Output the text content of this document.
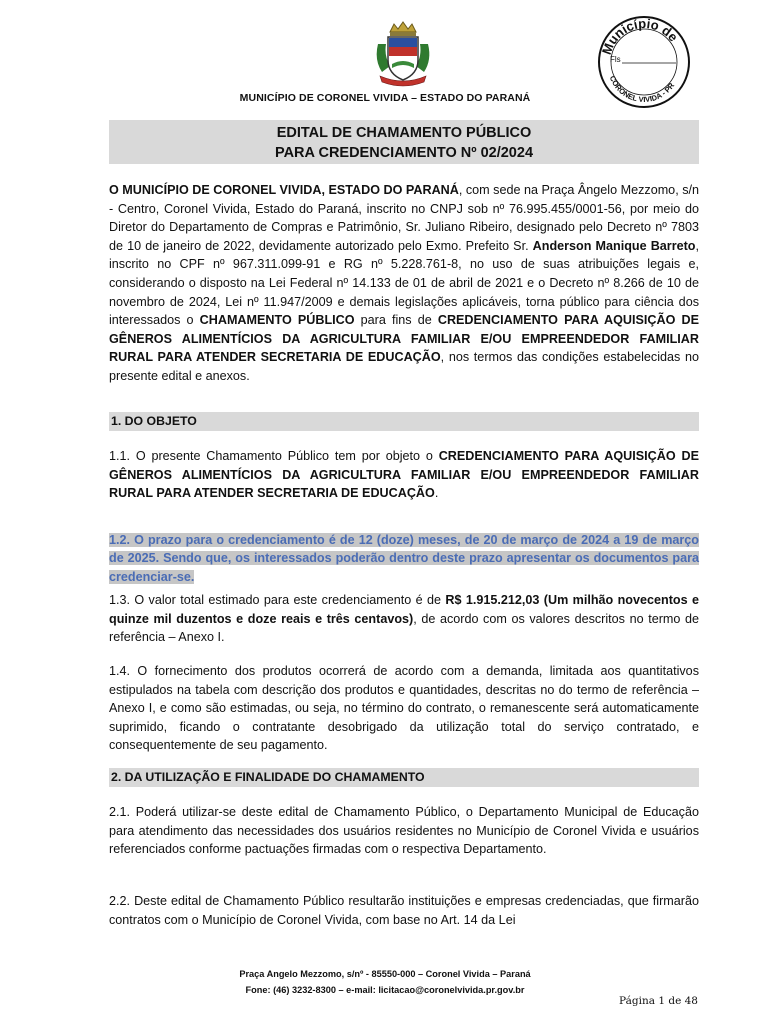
Município de
Fls
CORONEL VIVIDA - PR
MUNICÍPIO DE CORONEL VIVIDA – ESTADO DO PARANÁ
EDITAL DE CHAMAMENTO PÚBLICO
PARA CREDENCIAMENTO Nº 02/2024

O MUNICÍPIO DE CORONEL VIVIDA, ESTADO DO PARANÁ, com sede na Praça Ângelo Mezzomo, s/n - Centro, Coronel Vivida, Estado do Paraná, inscrito no CNPJ sob nº 76.995.455/0001-56, por meio do Diretor do Departamento de Compras e Patrimônio, Sr. Juliano Ribeiro, designado pelo Decreto nº 7803 de 10 de janeiro de 2022, devidamente autorizado pelo Exmo. Prefeito Sr. Anderson Manique Barreto, inscrito no CPF nº 967.311.099-91 e RG nº 5.228.761-8, no uso de suas atribuições legais e, considerando o disposto na Lei Federal nº 14.133 de 01 de abril de 2021 e o Decreto nº 8.266 de 10 de novembro de 2024, Lei nº 11.947/2009 e demais legislações aplicáveis, torna público para ciência dos interessados o CHAMAMENTO PÚBLICO para fins de CREDENCIAMENTO PARA AQUISIÇÃO DE GÊNEROS ALIMENTÍCIOS DA AGRICULTURA FAMILIAR E/OU EMPREENDEDOR FAMILIAR RURAL PARA ATENDER SECRETARIA DE EDUCAÇÃO, nos termos das condições estabelecidas no presente edital e anexos.

1. DO OBJETO

1.1. O presente Chamamento Público tem por objeto o CREDENCIAMENTO PARA AQUISIÇÃO DE GÊNEROS ALIMENTÍCIOS DA AGRICULTURA FAMILIAR E/OU EMPREENDEDOR FAMILIAR RURAL PARA ATENDER SECRETARIA DE EDUCAÇÃO.

1.2. O prazo para o credenciamento é de 12 (doze) meses, de 20 de março de 2024 a 19 de março de 2025. Sendo que, os interessados poderão dentro deste prazo apresentar os documentos para credenciar-se.

1.3. O valor total estimado para este credenciamento é de R$ 1.915.212,03 (Um milhão novecentos e quinze mil duzentos e doze reais e três centavos), de acordo com os valores descritos no termo de referência – Anexo I.

1.4. O fornecimento dos produtos ocorrerá de acordo com a demanda, limitada aos quantitativos estipulados na tabela com descrição dos produtos e quantidades, descritas no do termo de referência – Anexo I, e como são estimadas, ou seja, no término do contrato, o remanescente será automaticamente suprimido, ficando o contratante desobrigado da utilização total do serviço contratado, e consequentemente de seu pagamento.

2. DA UTILIZAÇÃO E FINALIDADE DO CHAMAMENTO

2.1. Poderá utilizar-se deste edital de Chamamento Público, o Departamento Municipal de Educação para atendimento das necessidades dos usuários residentes no Município de Coronel Vivida e usuários referenciados conforme pactuações firmadas com o respectiva Departamento.

2.2. Deste edital de Chamamento Público resultarão instituições e empresas credenciadas, que firmarão contratos com o Município de Coronel Vivida, com base no Art. 14 da Lei

Praça Angelo Mezzomo, s/nº - 85550-000 – Coronel Vivida – Paraná
Fone: (46) 3232-8300 – e-mail: licitacao@coronelvivida.pr.gov.br
Página 1 de 48
